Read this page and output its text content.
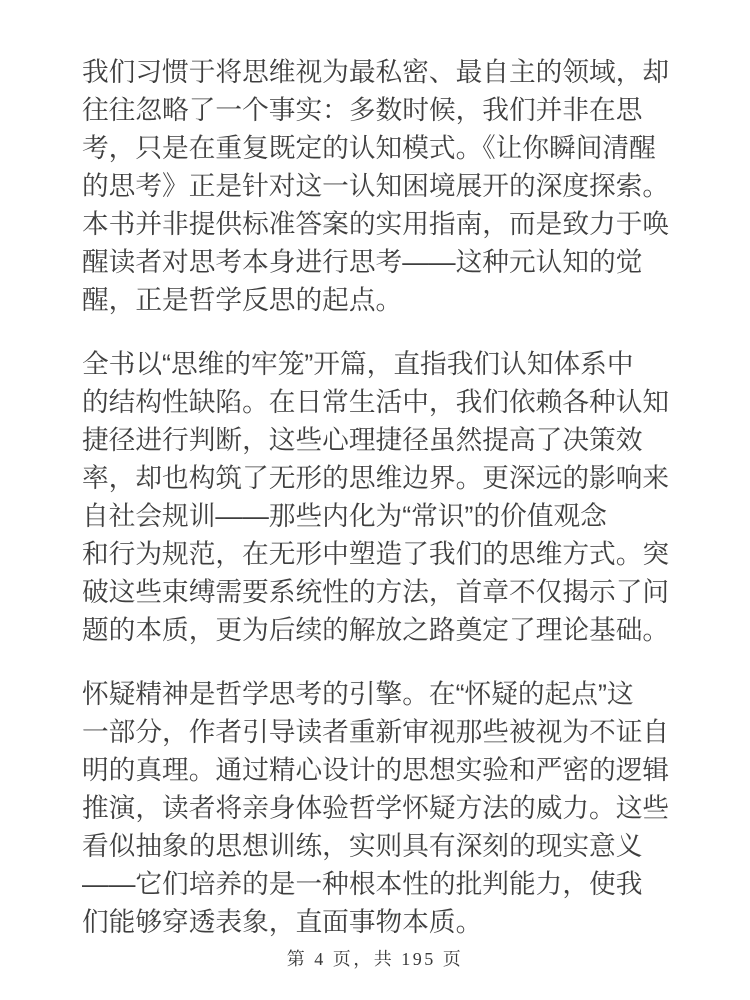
我们习惯于将思维视为最私密、最自主的领域，却
往往忽略了一个事实：多数时候，我们并非在思
考，只是在重复既定的认知模式。《让你瞬间清醒
的思考》正是针对这一认知困境展开的深度探索。
本书并非提供标准答案的实用指南，而是致力于唤
醒读者对思考本身进行思考——这种元认知的觉
醒，正是哲学反思的起点。
全书以“思维的牢笼”开篇，直指我们认知体系中
的结构性缺陷。在日常生活中，我们依赖各种认知
捷径进行判断，这些心理捷径虽然提高了决策效
率，却也构筑了无形的思维边界。更深远的影响来
自社会规训——那些内化为“常识”的价值观念
和行为规范，在无形中塑造了我们的思维方式。突
破这些束缚需要系统性的方法，首章不仅揭示了问
题的本质，更为后续的解放之路奠定了理论基础。
怀疑精神是哲学思考的引擎。在“怀疑的起点”这
一部分，作者引导读者重新审视那些被视为不证自
明的真理。通过精心设计的思想实验和严密的逻辑
推演，读者将亲身体验哲学怀疑方法的威力。这些
看似抽象的思想训练，实则具有深刻的现实意义
——它们培养的是一种根本性的批判能力，使我
们能够穿透表象，直面事物本质。
第 4 页，共 195 页
